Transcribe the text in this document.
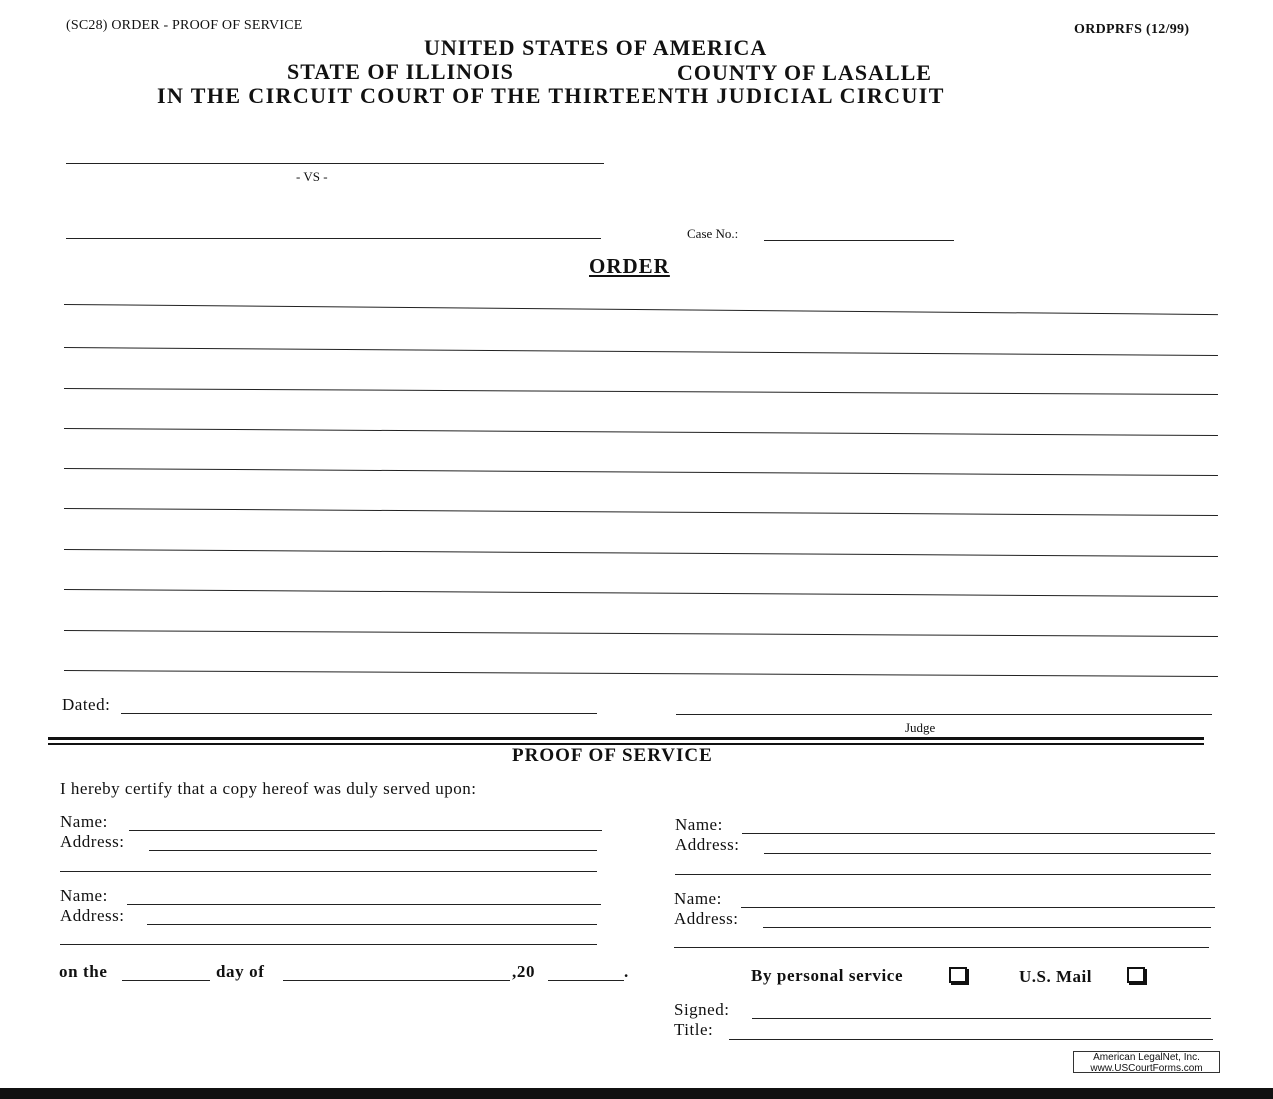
(SC28) ORDER - PROOF OF SERVICE	ORDPRFS (12/99)
UNITED STATES OF AMERICA
STATE OF ILLINOIS	COUNTY OF LASALLE
IN THE CIRCUIT COURT OF THE THIRTEENTH JUDICIAL CIRCUIT
- VS -
Case No.:
ORDER
Dated:
Judge
PROOF OF SERVICE
I hereby certify that a copy hereof was duly served upon:
Name:
Address:
Name:
Address:
Name:
Address:
Name:
Address:
on the	day of	,20	.	By personal service	U.S. Mail
Signed:
Title:
American LegalNet, Inc.
www.USCourtForms.com
